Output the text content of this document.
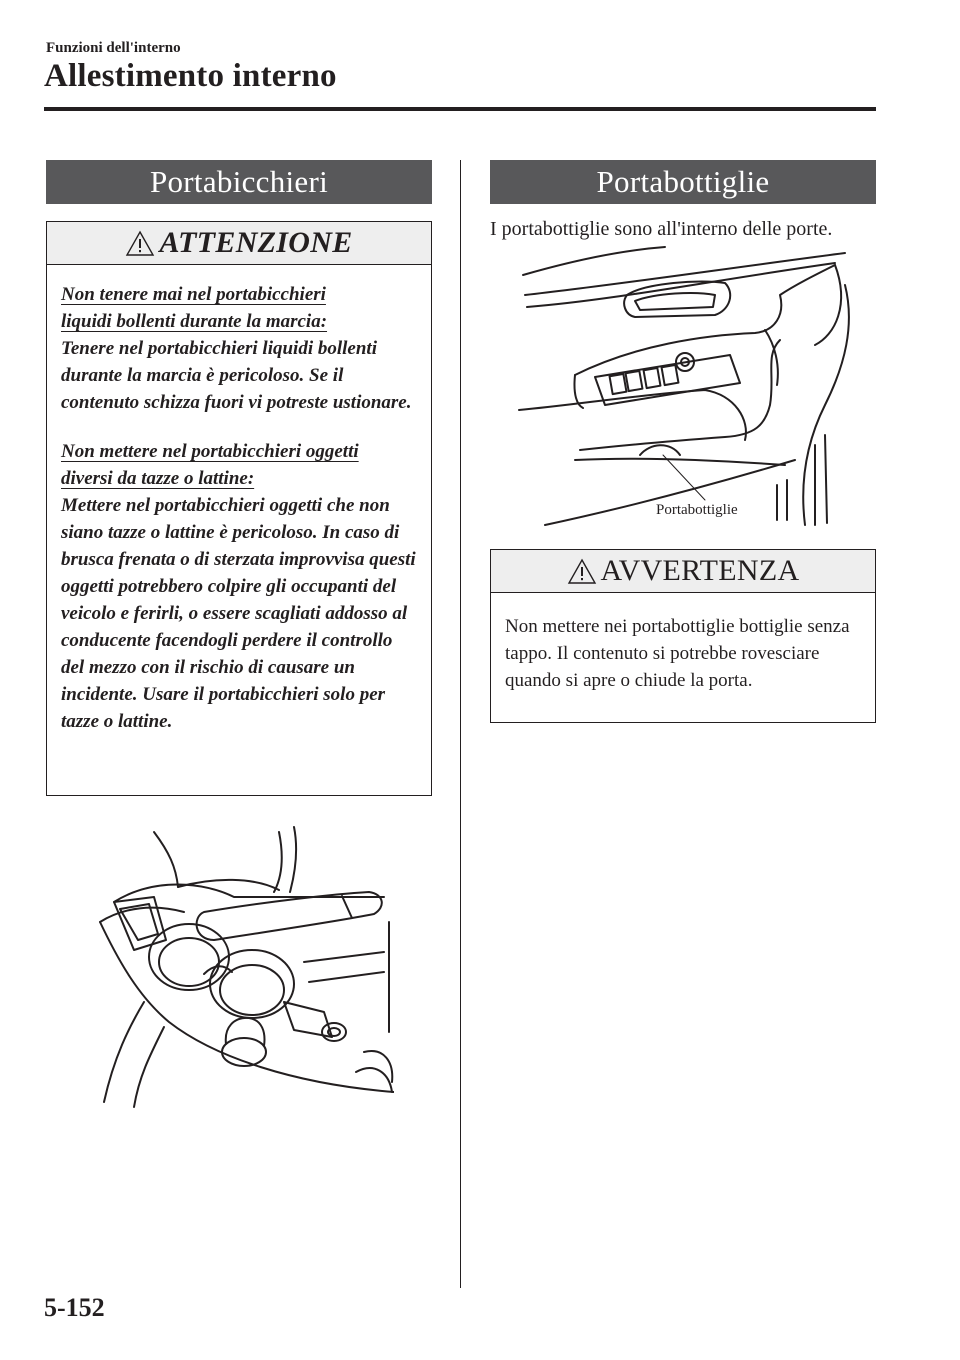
Funzioni dell'interno
Allestimento interno
Portabicchieri
ATTENZIONE
Non tenere mai nel portabicchieri
liquidi bollenti durante la marcia:
Tenere nel portabicchieri liquidi bollenti durante la marcia è pericoloso. Se il contenuto schizza fuori vi potreste ustionare.
Non mettere nel portabicchieri oggetti
diversi da tazze o lattine:
Mettere nel portabicchieri oggetti che non siano tazze o lattine è pericoloso. In caso di brusca frenata o di sterzata improvvisa questi oggetti potrebbero colpire gli occupanti del veicolo e ferirli, o essere scagliati addosso al conducente facendogli perdere il controllo del mezzo con il rischio di causare un incidente. Usare il portabicchieri solo per tazze o lattine.
Portabottiglie
I portabottiglie sono all'interno delle porte.
Portabottiglie
AVVERTENZA
Non mettere nei portabottiglie bottiglie senza tappo. Il contenuto si potrebbe rovesciare quando si apre o chiude la porta.
5-152
